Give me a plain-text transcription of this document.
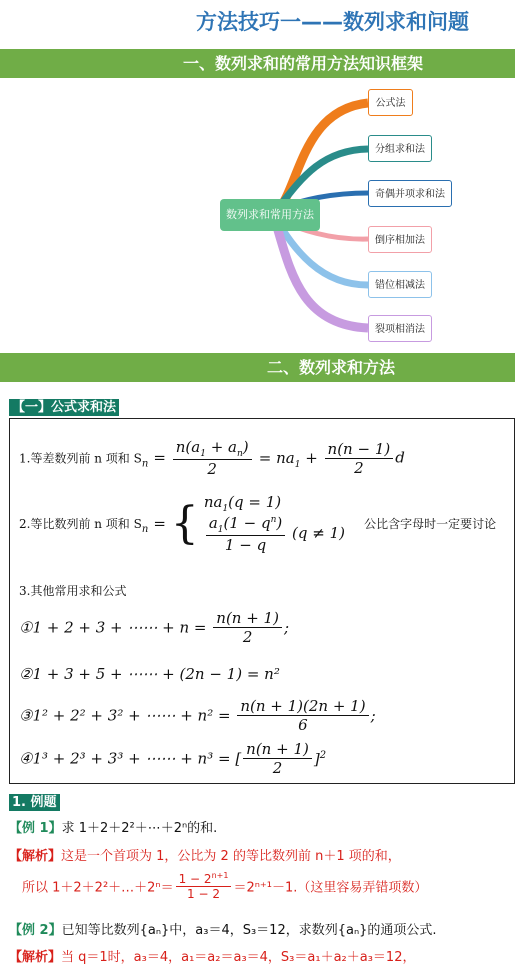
方法技巧一——数列求和问题
一、数列求和的常用方法知识框架
数列求和常用方法
公式法
分组求和法
奇偶并项求和法
倒序相加法
错位相减法
裂项相消法
二、数列求和方法
【一】公式求和法
1.等差数列前 n 项和 $S_n = \frac{n(a_1 + a_n)}{2} = na_1 + \frac{n(n - 1)}{2}$ d
2.等比数列前 n 项和 $S_n$ = { $na_1(q = 1)$
$\frac{a_1(1 - q^n)}{1 - q} (q \ne 1)$ 公比含字母时一定要讨论
3.其他常用求和公式
①1 + 2 + 3 + ⋯⋯ + $n = \frac{n(n + 1)}{2}$ ;
②1 + 3 + 5 + ⋯⋯ + (2n − 1) = n²
③1² + 2² + 3² + ⋯⋯ + $n^2 = \frac{n(n + 1)(2n + 1)}{6}$ ;
④1³ + 2³ + 3³ + ⋯⋯ + n³ = [ $\frac{n(n + 1)}{2} ]^2$
1. 例题
【例 1】求 1＋2＋2²＋⋯＋2ⁿ的和.
【解析】这是一个首项为 1，公比为 2 的等比数列前 n＋1 项的和，
所以 1＋2＋2²＋…＋2ⁿ＝ $\frac{1 - 2^{n+1}}{1 - 2} =2^{n+1}-1$.（这里容易弄错项数）
【例 2】已知等比数列{aₙ}中，a₃＝4，S₃＝12，求数列{aₙ}的通项公式.
【解析】当 q＝1时，a₃＝4，a₁＝a₂＝a₃＝4，S₃＝a₁＋a₂＋a₃＝12，
